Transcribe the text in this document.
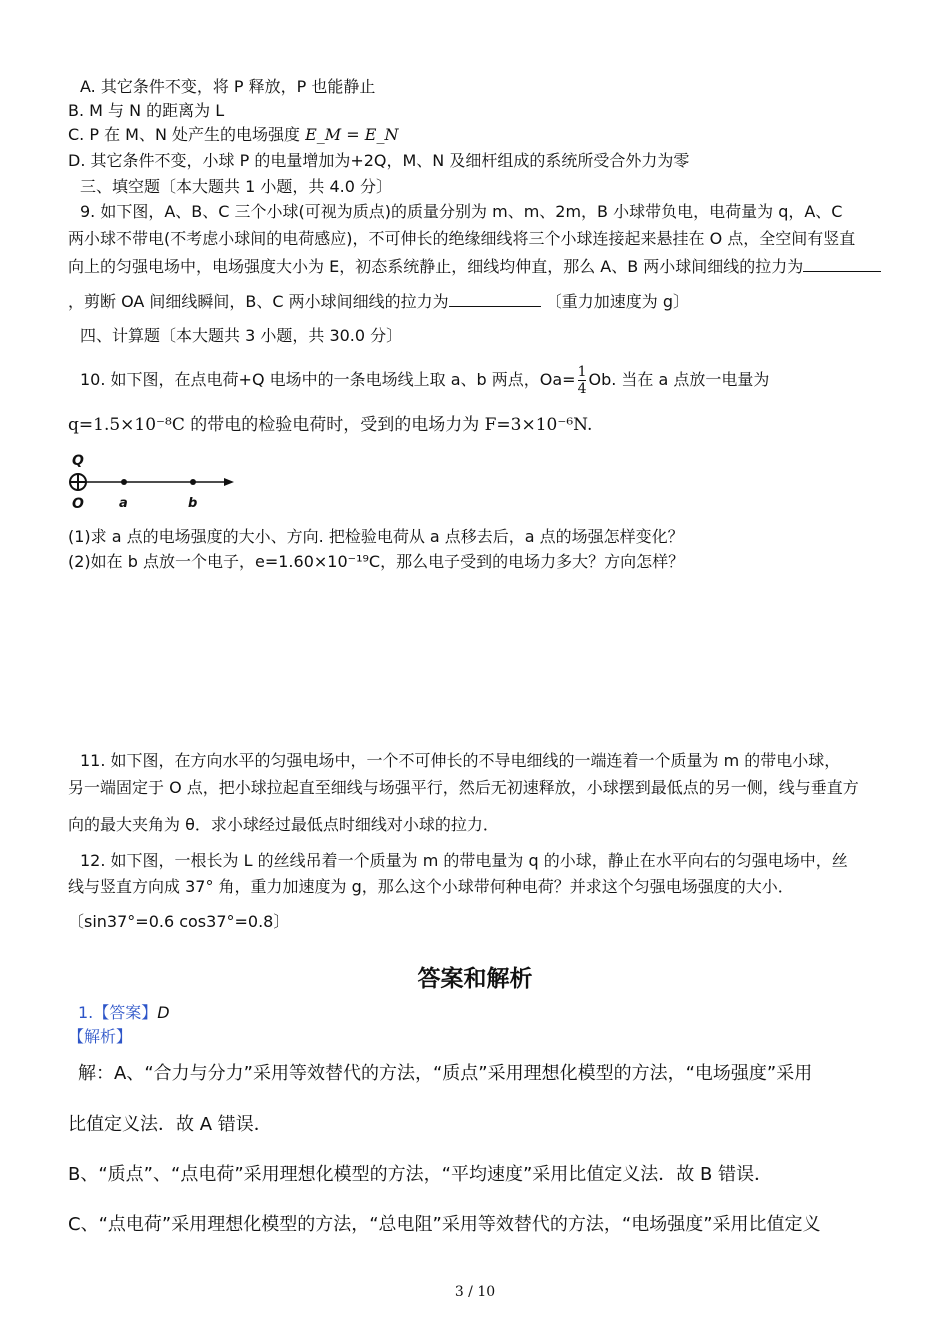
A. 其它条件不变，将 P 释放，P 也能静止
B. M 与 N 的距离为 L
C. P 在 M、N 处产生的电场强度 E_M = E_N
D. 其它条件不变，小球 P 的电量增加为+2Q，M、N 及细杆组成的系统所受合外力为零
三、填空题〔本大题共 1 小题，共 4.0 分〕
9. 如下图，A、B、C 三个小球(可视为质点)的质量分别为 m、m、2m，B 小球带负电，电荷量为 q，A、C
两小球不带电(不考虑小球间的电荷感应)，不可伸长的绝缘细线将三个小球连接起来悬挂在 O 点，全空间有竖直
向上的匀强电场中，电场强度大小为 E，初态系统静止，细线均伸直，那么 A、B 两小球间细线的拉力为
，剪断 OA 间细线瞬间，B、C 两小球间细线的拉力为	〔重力加速度为 g〕
四、计算题〔本大题共 3 小题，共 30.0 分〕
10. 如下图，在点电荷+Q 电场中的一条电场线上取 a、b 两点，$Oa= \frac{1}{4} Ob$. 当在 a 点放一电量为
q=1.5×10⁻⁸C 的带电的检验电荷时，受到的电场力为 F=3×10⁻⁶N.
Q
O	a	b
(1)求 a 点的电场强度的大小、方向. 把检验电荷从 a 点移去后，a 点的场强怎样变化？
(2)如在 b 点放一个电子，e=1.60×10⁻¹⁹C，那么电子受到的电场力多大？方向怎样？
11. 如下图，在方向水平的匀强电场中，一个不可伸长的不导电细线的一端连着一个质量为 m 的带电小球，
另一端固定于 O 点，把小球拉起直至细线与场强平行，然后无初速释放，小球摆到最低点的另一侧，线与垂直方
向的最大夹角为 θ．求小球经过最低点时细线对小球的拉力．
12. 如下图，一根长为 L 的丝线吊着一个质量为 m 的带电量为 q 的小球，静止在水平向右的匀强电场中，丝
线与竖直方向成 37° 角，重力加速度为 g，那么这个小球带何种电荷？并求这个匀强电场强度的大小．
〔sin37°=0.6 cos37°=0.8〕
答案和解析
1.【答案】D
【解析】
解：A、“合力与分力”采用等效替代的方法，“质点”采用理想化模型的方法，“电场强度”采用
比值定义法．故 A 错误．
B、“质点”、“点电荷”采用理想化模型的方法，“平均速度”采用比值定义法．故 B 错误．
C、“点电荷”采用理想化模型的方法，“总电阻”采用等效替代的方法，“电场强度”采用比值定义
3 / 10
